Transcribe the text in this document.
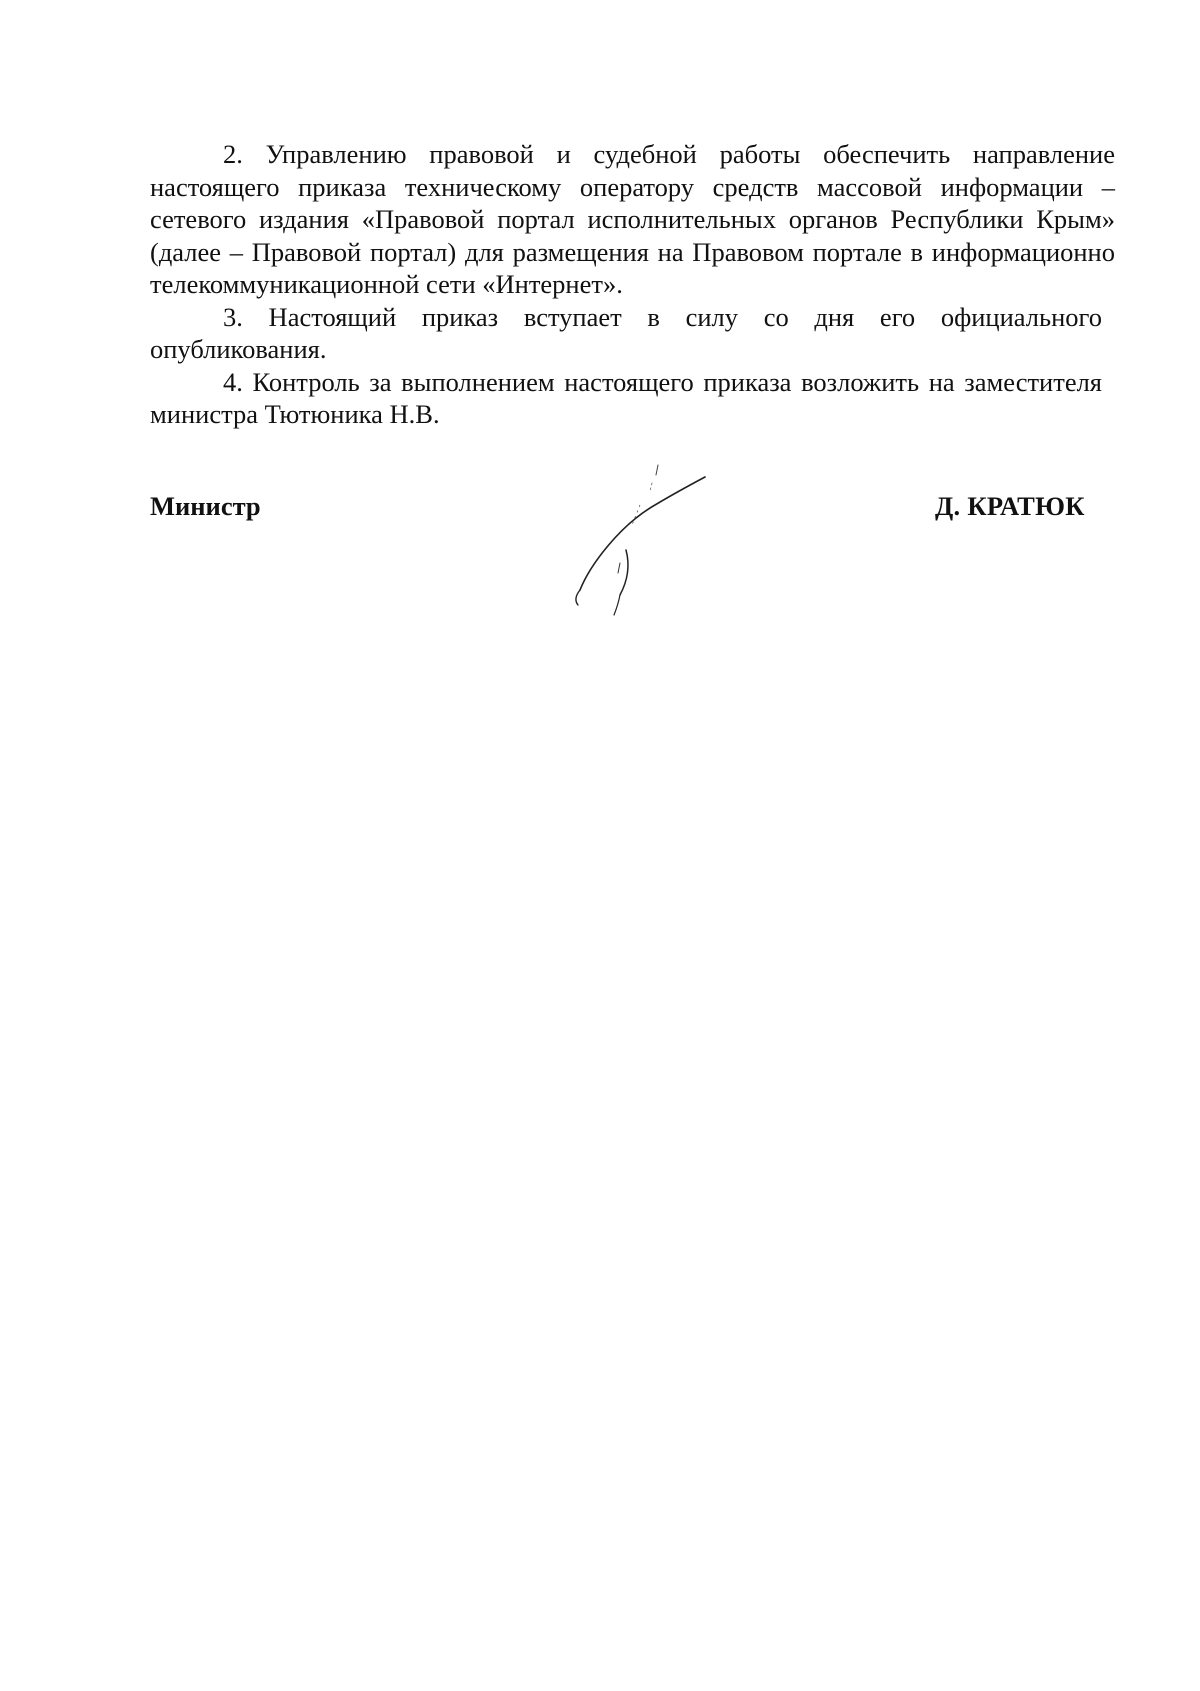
2. Управлению правовой и судебной работы обеспечить направление настоящего приказа техническому оператору средств массовой информации – сетевого издания «Правовой портал исполнительных органов Республики Крым» (далее – Правовой портал) для размещения на Правовом портале в информационно телекоммуникационной сети «Интернет».

3. Настоящий приказ вступает в силу со дня его официального опубликования.

4. Контроль за выполнением настоящего приказа возложить на заместителя министра Тютюника Н.В.

Министр	Д. КРАТЮК
